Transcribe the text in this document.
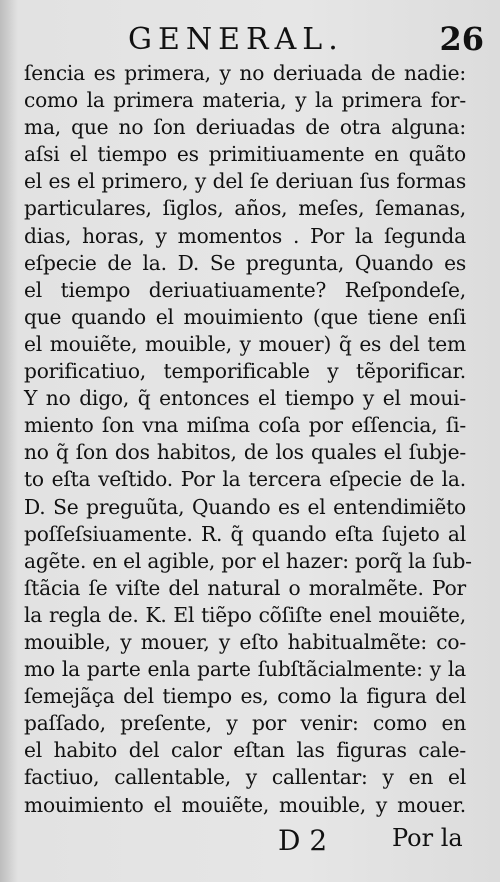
GENERAL.	26
ſencia es primera, y no deriuada de nadie:
como la primera materia, y la primera for-
ma, que no ſon deriuadas de otra alguna:
aſsi el tiempo es primitiuamente en quãto
el es el primero, y del ſe deriuan ſus formas
particulares, ſiglos, años, meſes, ſemanas,
dias, horas, y momentos . Por la ſegunda
eſpecie de la. D. Se pregunta, Quando es
el tiempo deriuatiuamente? Reſpondeſe,
que quando el mouimiento (que tiene enſi
el mouiẽte, mouible, y mouer) q̃ es del tem
porificatiuo, temporificable y tẽporificar.
Y no digo, q̃ entonces el tiempo y el moui-
miento ſon vna miſma coſa por eſſencia, ſi-
no q̃ ſon dos habitos, de los quales el ſubje-
to eſta veſtido. Por la tercera eſpecie de la.
D. Se preguũta, Quando es el entendimiẽto
poſſeſsiuamente. R. q̃ quando eſta ſujeto al
agẽte. en el agible, por el hazer: porq̃ la ſub-
ſtãcia ſe viſte del natural o moralmẽte. Por
la regla de. K. El tiẽpo cõſiſte enel mouiẽte,
mouible, y mouer, y eſto habitualmẽte: co-
mo la parte enla parte ſubſtãcialmente: y la
ſemejãça del tiempo es, como la figura del
paſſado, preſente, y por venir: como en
el habito del calor eſtan las figuras cale-
factiuo, callentable, y callentar: y en el
mouimiento el mouiẽte, mouible, y mouer.
D 2	Por la
